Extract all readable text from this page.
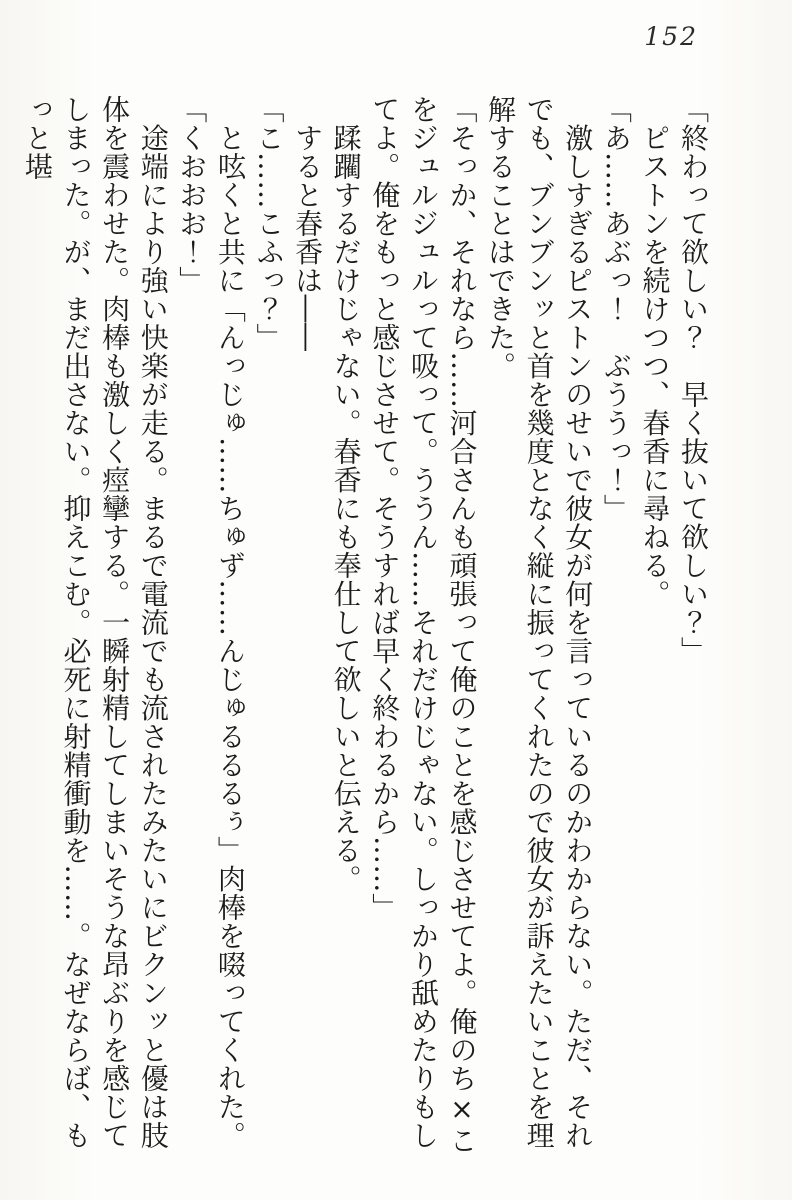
152

「終わって欲しい？　早く抜いて欲しい？」

　ピストンを続けつつ、春香に尋ねる。

「あ……あぶっ！　ぶううっ！」

　激しすぎるピストンのせいで彼女が何を言っているのかわからない。ただ、それでも、ブンブンッと首を幾度となく縦に振ってくれたので彼女が訴えたいことを理解することはできた。

「そっか、それなら……河合さんも頑張って俺のことを感じさせてよ。俺のち×こをジュルジュルって吸って。ううん……それだけじゃない。しっかり舐めたりもしてよ。俺をもっと感じさせて。そうすれば早く終わるから……」

　蹂躙するだけじゃない。春香にも奉仕して欲しいと伝える。

　すると春香は――

「こ……こふっ？」

　と呟くと共に「んっじゅ……ちゅず……んじゅるるるぅ」肉棒を啜ってくれた。

「くおおお！」

　途端により強い快楽が走る。まるで電流でも流されたみたいにビクンッと優は肢体を震わせた。肉棒も激しく痙攣する。一瞬射精してしまいそうな昂ぶりを感じてしまった。が、まだ出さない。抑えこむ。必死に射精衝動を……。なぜならば、もっと堪
